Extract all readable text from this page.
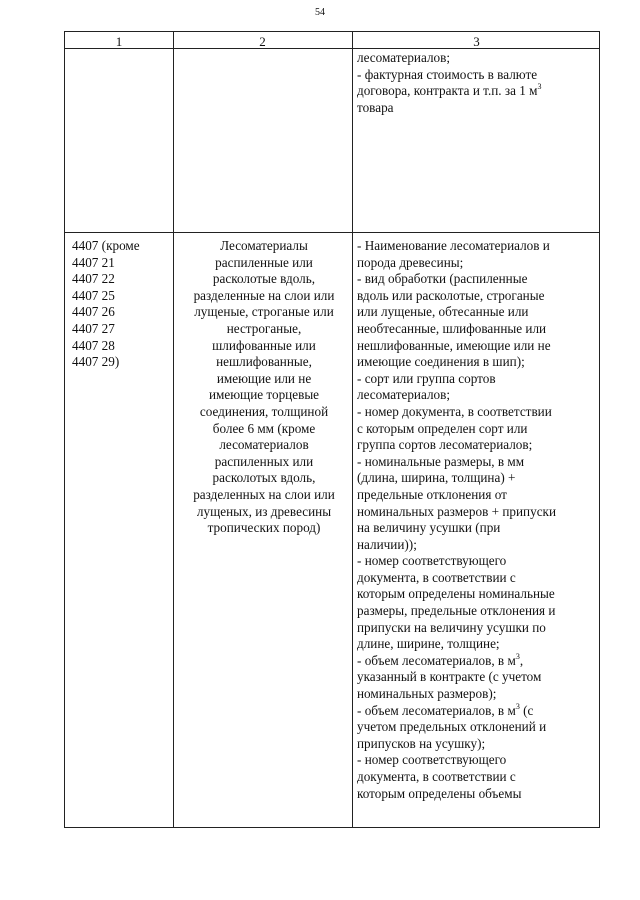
54
1	2	3
лесоматериалов;
- фактурная стоимость в валюте
договора, контракта и т.п. за 1 $м^3$
товара
4407 (кроме
4407 21
4407 22
4407 25
4407 26
4407 27
4407 28
4407 29)
Лесоматериалы
распиленные или
расколотые вдоль,
разделенные на слои или
лущеные, строганые или
нестроганые,
шлифованные или
нешлифованные,
имеющие или не
имеющие торцевые
соединения, толщиной
более 6 мм (кроме
лесоматериалов
распиленных или
расколотых вдоль,
разделенных на слои или
лущеных, из древесины
тропических пород)
- Наименование лесоматериалов и
порода древесины;
- вид обработки (распиленные
вдоль или расколотые, строганые
или лущеные, обтесанные или
необтесанные, шлифованные или
нешлифованные, имеющие или не
имеющие соединения в шип);
- сорт или группа сортов
лесоматериалов;
- номер документа, в соответствии
с которым определен сорт или
группа сортов лесоматериалов;
- номинальные размеры, в мм
(длина, ширина, толщина) +
предельные отклонения от
номинальных размеров + припуски
на величину усушки (при
наличии));
- номер соответствующего
документа, в соответствии с
которым определены номинальные
размеры, предельные отклонения и
припуски на величину усушки по
длине, ширине, толщине;
- объем лесоматериалов, в $м^3$,
указанный в контракте (с учетом
номинальных размеров);
- объем лесоматериалов, в $м^3$ (с
учетом предельных отклонений и
припусков на усушку);
- номер соответствующего
документа, в соответствии с
которым определены объемы
